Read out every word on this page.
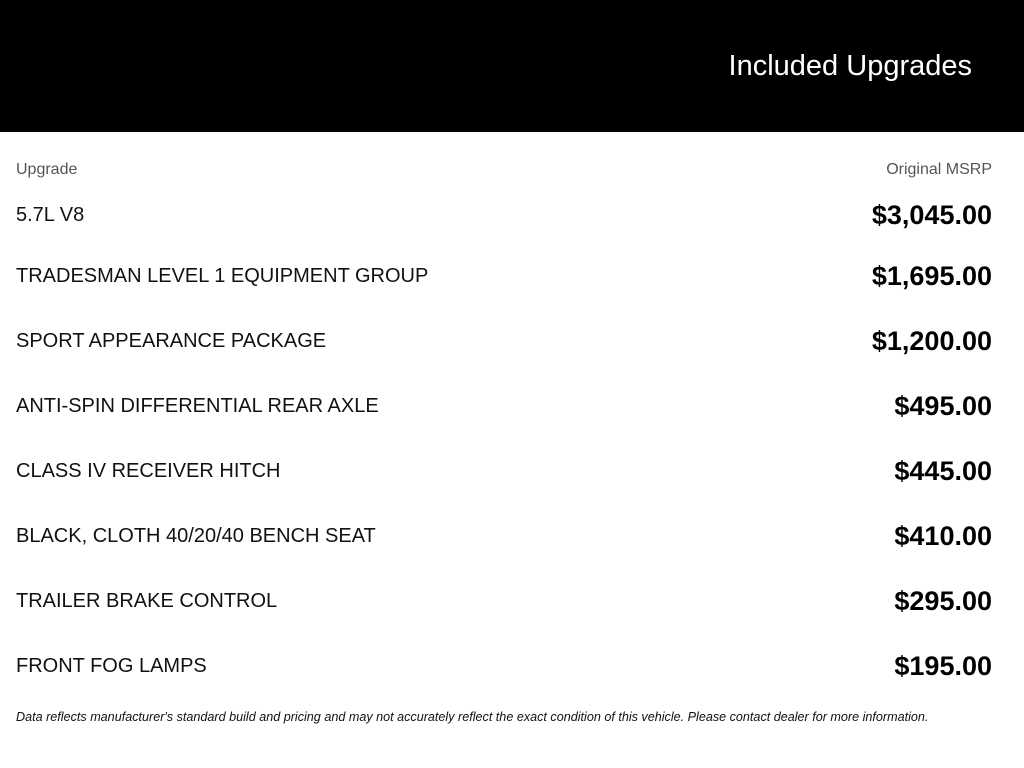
Included Upgrades
Upgrade	Original MSRP
5.7L V8	$3,045.00
TRADESMAN LEVEL 1 EQUIPMENT GROUP	$1,695.00
SPORT APPEARANCE PACKAGE	$1,200.00
ANTI-SPIN DIFFERENTIAL REAR AXLE	$495.00
CLASS IV RECEIVER HITCH	$445.00
BLACK, CLOTH 40/20/40 BENCH SEAT	$410.00
TRAILER BRAKE CONTROL	$295.00
FRONT FOG LAMPS	$195.00
Data reflects manufacturer's standard build and pricing and may not accurately reflect the exact condition of this vehicle. Please contact dealer for more information.
